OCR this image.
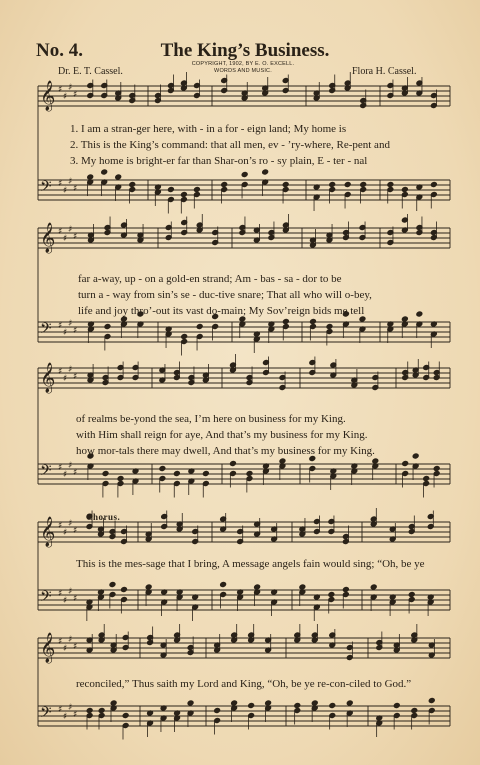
No. 4.	The King’s Business.
COPYRIGHT, 1902, BY E. O. EXCELL.
WORDS AND MUSIC.
Dr. E. T. Cassel.	Flora H. Cassel.
𝄞 ♯
♯
♯
♯
𝄢 ♯
♯
♯
♯
𝄞 ♯
♯
♯
♯
𝄢 ♯
♯
♯
♯
𝄞 ♯
♯
♯
♯
𝄢 ♯
♯
♯
♯
𝄞 ♯
♯
♯
♯
𝄢 ♯
♯
♯
♯
𝄞 ♯
♯
♯
♯
𝄢 ♯
♯
♯
♯
1. I am a stran-ger here, with - in a for - eign land; My home is
2. This is the King’s command: that all men, ev - ’ry-where, Re-pent and
3. My home is bright-er far than Shar-on’s ro - sy plain, E - ter - nal
far a-way, up - on a gold-en strand; Am - bas - sa - dor to be
turn a - way from sin’s se - duc-tive snare; That all who will o-bey,
life and joy thro’-out its vast do-main; My Sov’reign bids me tell
of realms be-yond the sea, I’m here on business for my King.
with Him shall reign for aye, And that’s my business for my King.
how mor-tals there may dwell, And that’s my business for my King.
Chorus.
This is the mes-sage that I bring, A message angels fain would sing; “Oh, be ye
reconciled,” Thus saith my Lord and King, “Oh, be ye re-con-ciled to God.”
